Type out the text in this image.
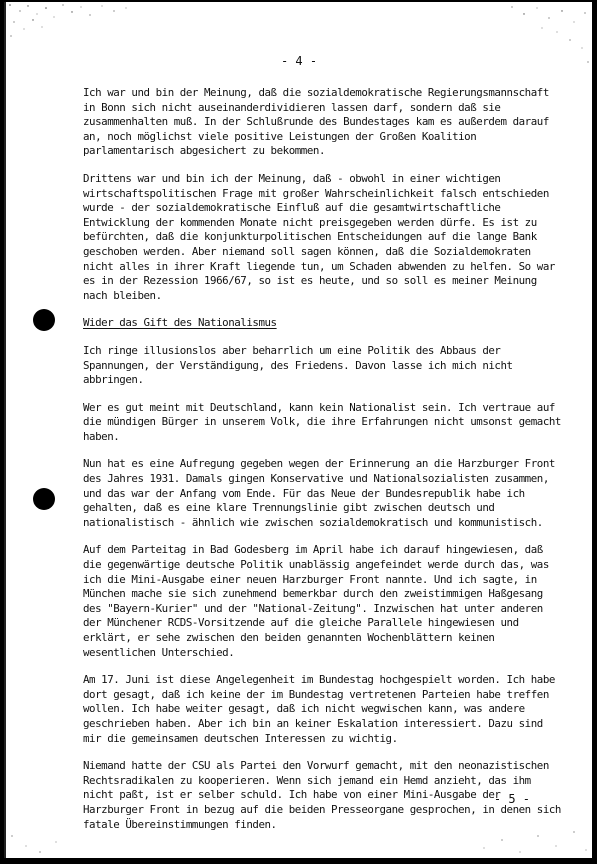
- 4 -

Ich war und bin der Meinung, daß die sozialdemokratische Regierungsmannschaft in Bonn sich nicht auseinanderdividieren lassen darf, sondern daß sie zusammenhalten muß. In der Schlußrunde des Bundestages kam es außerdem darauf an, noch möglichst viele positive Leistungen der Großen Koalition parlamentarisch abgesichert zu bekommen.

Drittens war und bin ich der Meinung, daß - obwohl in einer wichtigen wirtschaftspolitischen Frage mit großer Wahrscheinlichkeit falsch entschieden wurde - der sozialdemokratische Einfluß auf die gesamtwirtschaftliche Entwicklung der kommenden Monate nicht preisgegeben werden dürfe. Es ist zu befürchten, daß die konjunkturpolitischen Entscheidungen auf die lange Bank geschoben werden. Aber niemand soll sagen können, daß die Sozialdemokraten nicht alles in ihrer Kraft liegende tun, um Schaden abwenden zu helfen. So war es in der Rezession 1966/67, so ist es heute, und so soll es meiner Meinung nach bleiben.

Wider das Gift des Nationalismus

Ich ringe illusionslos aber beharrlich um eine Politik des Abbaus der Spannungen, der Verständigung, des Friedens. Davon lasse ich mich nicht abbringen.

Wer es gut meint mit Deutschland, kann kein Nationalist sein. Ich vertraue auf die mündigen Bürger in unserem Volk, die ihre Erfahrungen nicht umsonst gemacht haben.

Nun hat es eine Aufregung gegeben wegen der Erinnerung an die Harzburger Front des Jahres 1931. Damals gingen Konservative und Nationalsozialisten zusammen, und das war der Anfang vom Ende. Für das Neue der Bundesrepublik habe ich gehalten, daß es eine klare Trennungslinie gibt zwischen deutsch und nationalistisch - ähnlich wie zwischen sozialdemokratisch und kommunistisch.

Auf dem Parteitag in Bad Godesberg im April habe ich darauf hingewiesen, daß die gegenwärtige deutsche Politik unablässig angefeindet werde durch das, was ich die Mini-Ausgabe einer neuen Harzburger Front nannte. Und ich sagte, in München mache sie sich zunehmend bemerkbar durch den zweistimmigen Haßgesang des "Bayern-Kurier" und der "National-Zeitung". Inzwischen hat unter anderen der Münchener RCDS-Vorsitzende auf die gleiche Parallele hingewiesen und erklärt, er sehe zwischen den beiden genannten Wochenblättern keinen wesentlichen Unterschied.

Am 17. Juni ist diese Angelegenheit im Bundestag hochgespielt worden. Ich habe dort gesagt, daß ich keine der im Bundestag vertretenen Parteien habe treffen wollen. Ich habe weiter gesagt, daß ich nicht wegwischen kann, was andere geschrieben haben. Aber ich bin an keiner Eskalation interessiert. Dazu sind mir die gemeinsamen deutschen Interessen zu wichtig.

Niemand hatte der CSU als Partei den Vorwurf gemacht, mit den neonazistischen Rechtsradikalen zu kooperieren. Wenn sich jemand ein Hemd anzieht, das ihm nicht paßt, ist er selber schuld. Ich habe von einer Mini-Ausgabe der Harzburger Front in bezug auf die beiden Presseorgane gesprochen, in denen sich fatale Übereinstimmungen finden.

- 5 -
